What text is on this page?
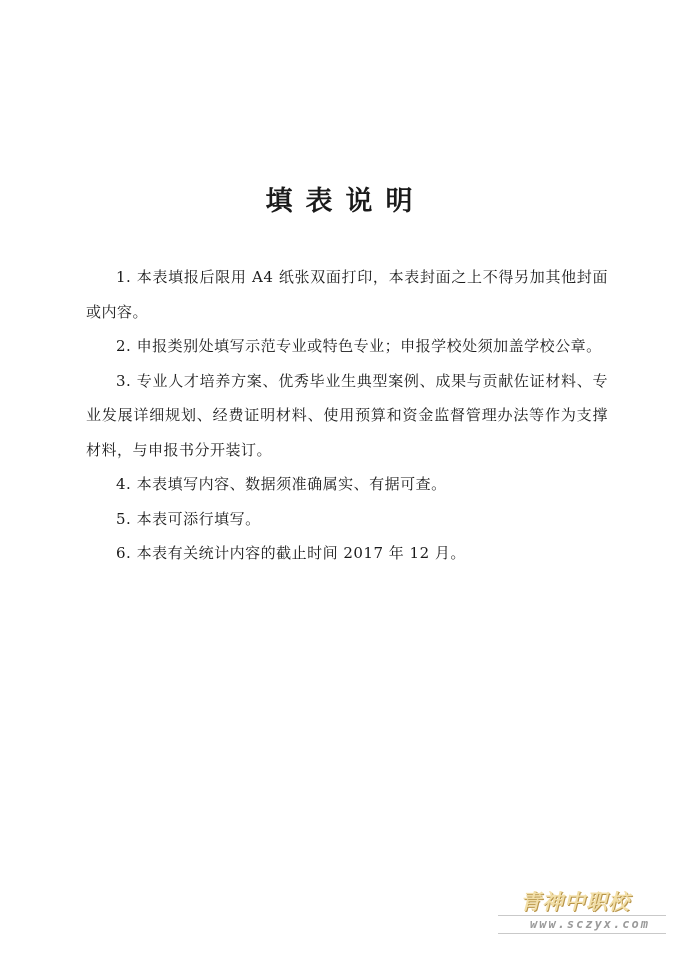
填表说明
1. 本表填报后限用 A4 纸张双面打印，本表封面之上不得另加其他封面或内容。
2. 申报类别处填写示范专业或特色专业；申报学校处须加盖学校公章。
3. 专业人才培养方案、优秀毕业生典型案例、成果与贡献佐证材料、专业发展详细规划、经费证明材料、使用预算和资金监督管理办法等作为支撑材料，与申报书分开装订。
4. 本表填写内容、数据须准确属实、有据可查。
5. 本表可添行填写。
6. 本表有关统计内容的截止时间 2017 年 12 月。
青神中职校
www.sczyx.com
